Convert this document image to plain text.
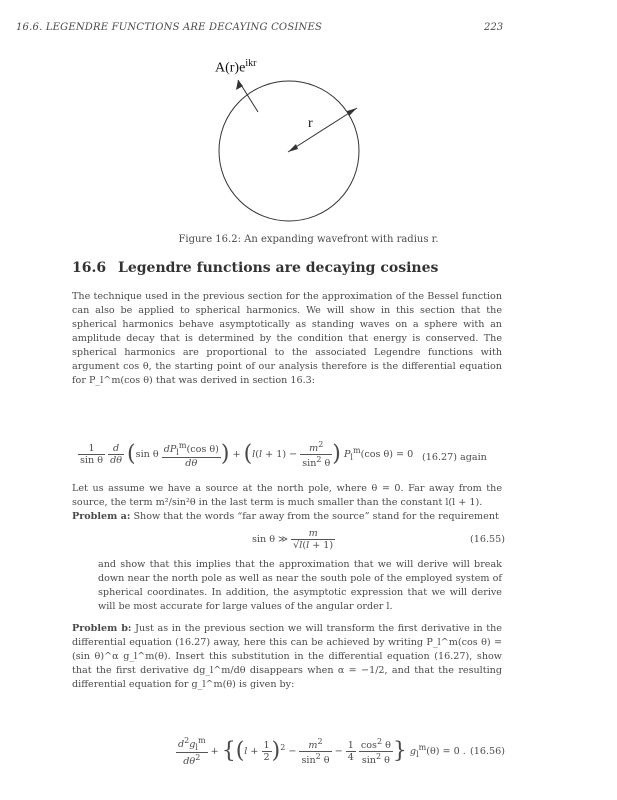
16.6. LEGENDRE FUNCTIONS ARE DECAYING COSINES	223
$A(r)e^{ikr}$
r
Figure 16.2: An expanding wavefront with radius r.
16.6 Legendre functions are decaying cosines
The technique used in the previous section for the approximation of the Bessel function can also be applied to spherical harmonics. We will show in this section that the spherical harmonics behave asymptotically as standing waves on a sphere with an amplitude decay that is determined by the condition that energy is conserved. The spherical harmonics are proportional to the associated Legendre functions with argument cos θ, the starting point of our analysis therefore is the differential equation for P_l^m(cos θ) that was derived in section 16.3:
$\frac{1}{\text{sin θ}}$
$\frac{d}{d\theta} (\sin$ θ $\frac{dP_l^m(\cos \theta)}{d\theta}$ ) + ($l(l + 1) - \frac{m^2}{\sin^2 \theta}$ ) $P_l^m(\cos$ θ) = 0 (16.27) again
Let us assume we have a source at the north pole, where θ = 0. Far away from the source, the term m²/sin²θ in the last term is much smaller than the constant l(l + 1).
Problem a: Show that the words “far away from the source” stand for the requirement
sin θ ≫ $\frac{m}{√l(l + 1)}$	(16.55)
and show that this implies that the approximation that we will derive will break down near the north pole as well as near the south pole of the employed system of spherical coordinates. In addition, the asymptotic expression that we will derive will be most accurate for large values of the angular order l.
Problem b: Just as in the previous section we will transform the first derivative in the differential equation (16.27) away, here this can be achieved by writing P_l^m(cos θ) = (sin θ)^α g_l^m(θ). Insert this substitution in the differential equation (16.27), show that the first derivative dg_l^m/dθ disappears when α = −1/2, and that the resulting differential equation for g_l^m(θ) is given by:
$\frac{d^2g_l^m}{d\theta^2} + \{(l + \frac{1}{2} )^2 - \frac{m^2}{\sin^2 \theta} - \frac{1}{4}$
$\frac{\cos^2 \theta}{\sin^2 \theta}$ } $g_l^m(\theta) = 0$ . (16.56)
